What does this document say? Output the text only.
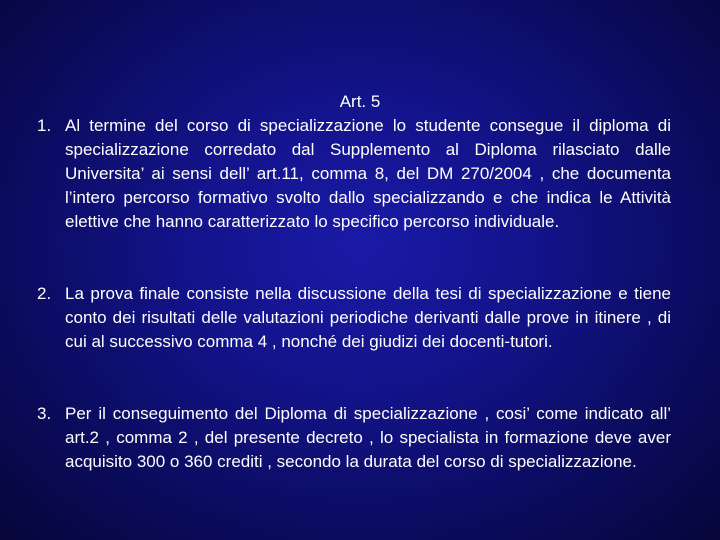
Art. 5
1. Al termine del corso di specializzazione lo studente consegue il diploma di specializzazione corredato dal Supplemento al Diploma rilasciato dalle Universita’ ai sensi dell’ art.11, comma 8, del DM 270/2004 , che documenta l’intero percorso formativo svolto dallo specializzando e che indica le Attività elettive che hanno caratterizzato lo specifico percorso individuale.
2. La prova finale consiste nella discussione della tesi di specializzazione e tiene conto dei risultati delle valutazioni periodiche derivanti dalle prove in itinere , di cui al successivo comma 4 , nonché dei giudizi dei docenti-tutori.
3. Per il conseguimento del Diploma di specializzazione , cosi’ come indicato all’ art.2 , comma 2 , del presente decreto , lo specialista in formazione deve aver acquisito 300 o 360 crediti , secondo la durata del corso di specializzazione.
